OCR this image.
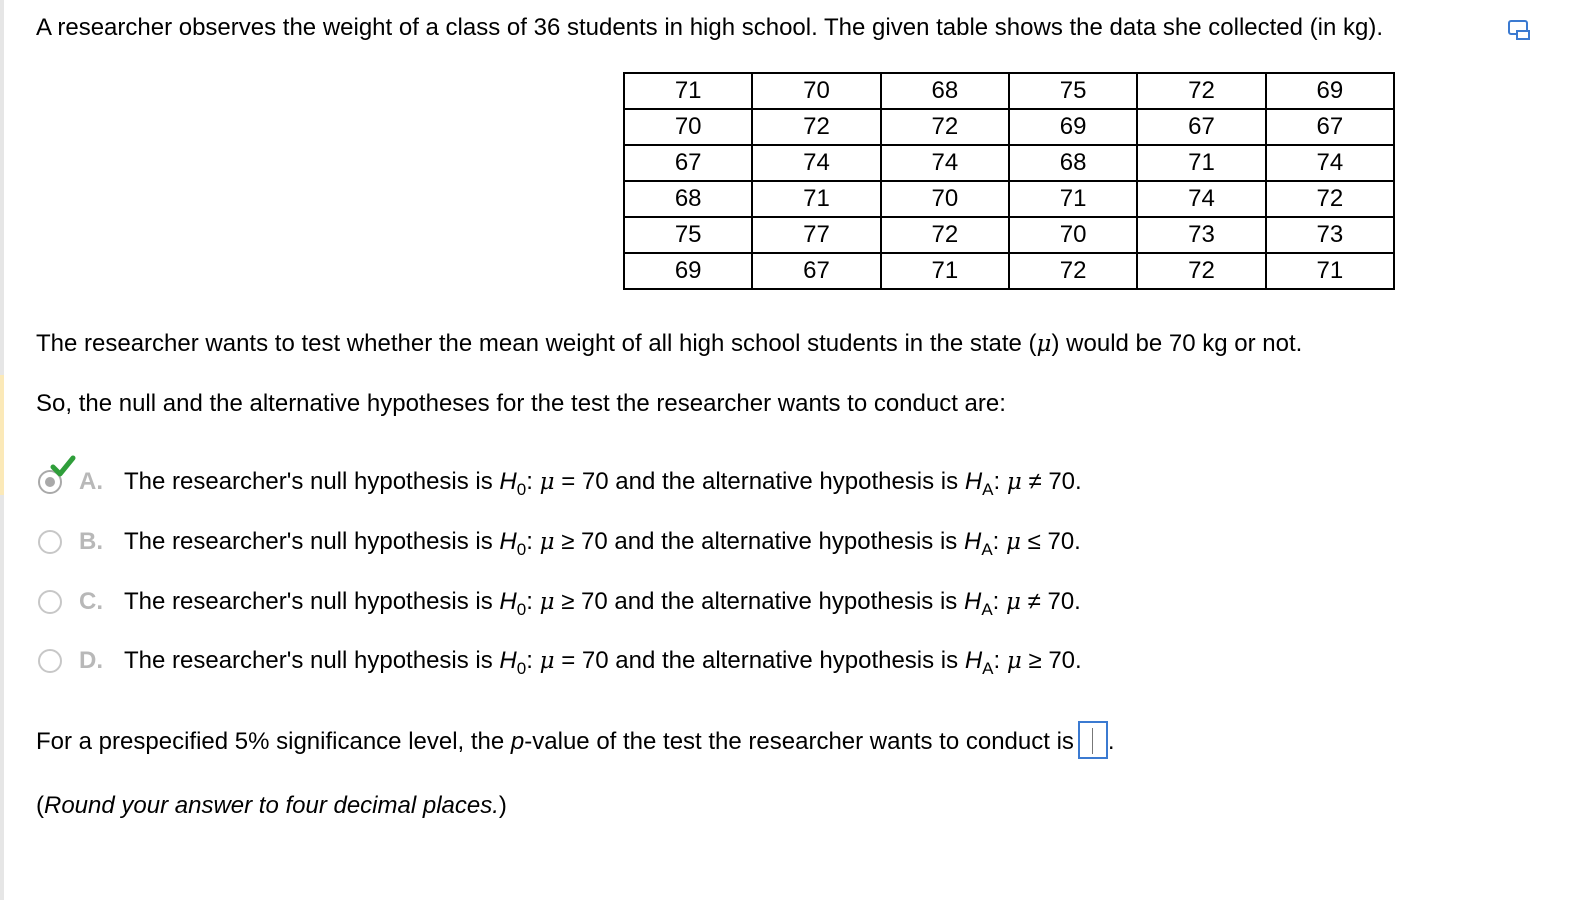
A researcher observes the weight of a class of 36 students in high school. The given table shows the data she collected (in kg).
71	70	68	75	72	69
70	72	72	69	67	67
67	74	74	68	71	74
68	71	70	71	74	72
75	77	72	70	73	73
69	67	71	72	72	71
The researcher wants to test whether the mean weight of all high school students in the state (μ) would be 70 kg or not.
So, the null and the alternative hypotheses for the test the researcher wants to conduct are:
A. The researcher's null hypothesis is $H_0$: μ = 70 and the alternative hypothesis is $H_A$: μ ≠ 70.
B. The researcher's null hypothesis is $H_0$: μ ≥ 70 and the alternative hypothesis is $H_A$: μ ≤ 70.
C. The researcher's null hypothesis is $H_0$: μ ≥ 70 and the alternative hypothesis is $H_A$: μ ≠ 70.
D. The researcher's null hypothesis is $H_0$: μ = 70 and the alternative hypothesis is $H_A$: μ ≥ 70.
For a prespecified 5% significance level, the p-value of the test the researcher wants to conduct is .
(Round your answer to four decimal places.)
